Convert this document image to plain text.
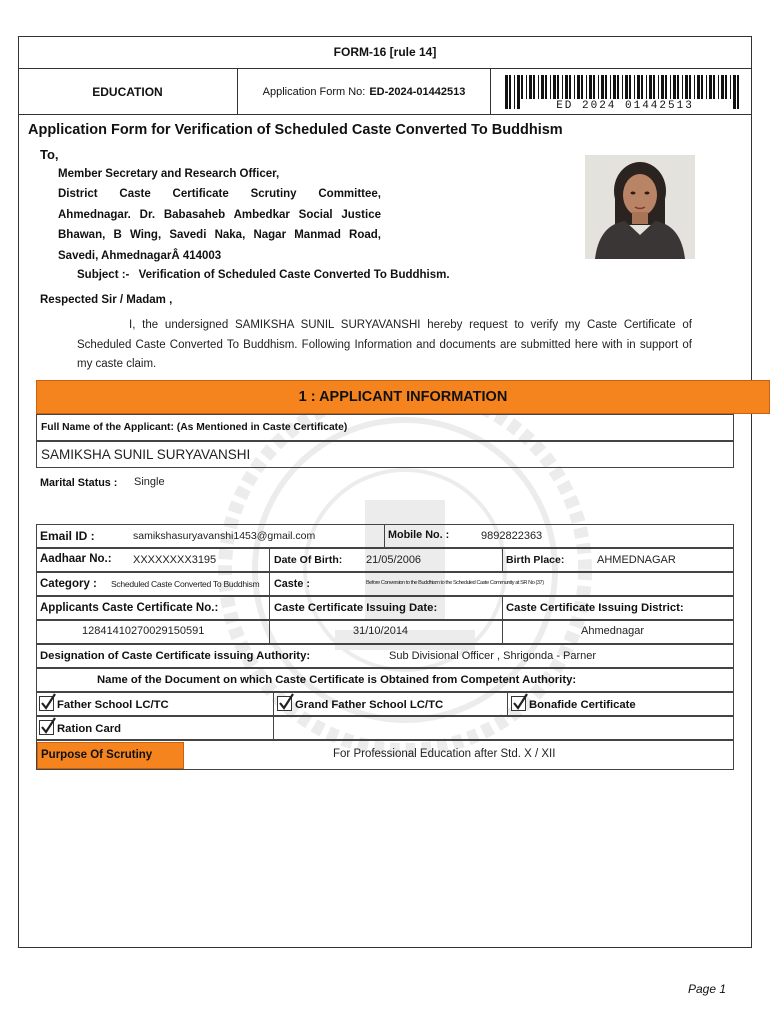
FORM-16 [rule 14]
EDUCATION	Application Form No: ED-2024-01442513
ED 2024 01442513
Application Form for Verification of Scheduled Caste Converted To Buddhism
To,
Member Secretary and Research Officer,
District Caste Certificate Scrutiny Committee, Ahmednagar. Dr. Babasaheb Ambedkar Social Justice Bhawan, B Wing, Savedi Naka, Nagar Manmad Road, Savedi, AhmednagarÂ 414003
Subject :- Verification of Scheduled Caste Converted To Buddhism.
Respected Sir / Madam ,
I, the undersigned SAMIKSHA SUNIL SURYAVANSHI hereby request to verify my Caste Certificate of Scheduled Caste Converted To Buddhism. Following Information and documents are submitted here with in support of my caste claim.
1 : APPLICANT INFORMATION
Full Name of the Applicant: (As Mentioned in Caste Certificate)
SAMIKSHA SUNIL SURYAVANSHI
Marital Status : Single
Email ID :	samikshasuryavanshi1453@gmail.com	Mobile No. :	9892822363
Aadhaar No.: XXXXXXXX3195	Date Of Birth: 21/05/2006	Birth Place:	AHMEDNAGAR
Category : Scheduled Caste Converted To Buddhism Caste :	Before Conversion to the Buddhism to the Scheduled Caste Community at SR No (37)
Applicants Caste Certificate No.:	Caste Certificate Issuing Date:	Caste Certificate Issuing District:
12841410270029150591	31/10/2014	Ahmednagar
Designation of Caste Certificate issuing Authority:	Sub Divisional Officer , Shrigonda - Parner
Name of the Document on which Caste Certificate is Obtained from Competent Authority:
Father School LC/TC	Grand Father School LC/TC	Bonafide Certificate
Ration Card
Purpose Of Scrutiny	For Professional Education after Std. X / XII
Page 1
